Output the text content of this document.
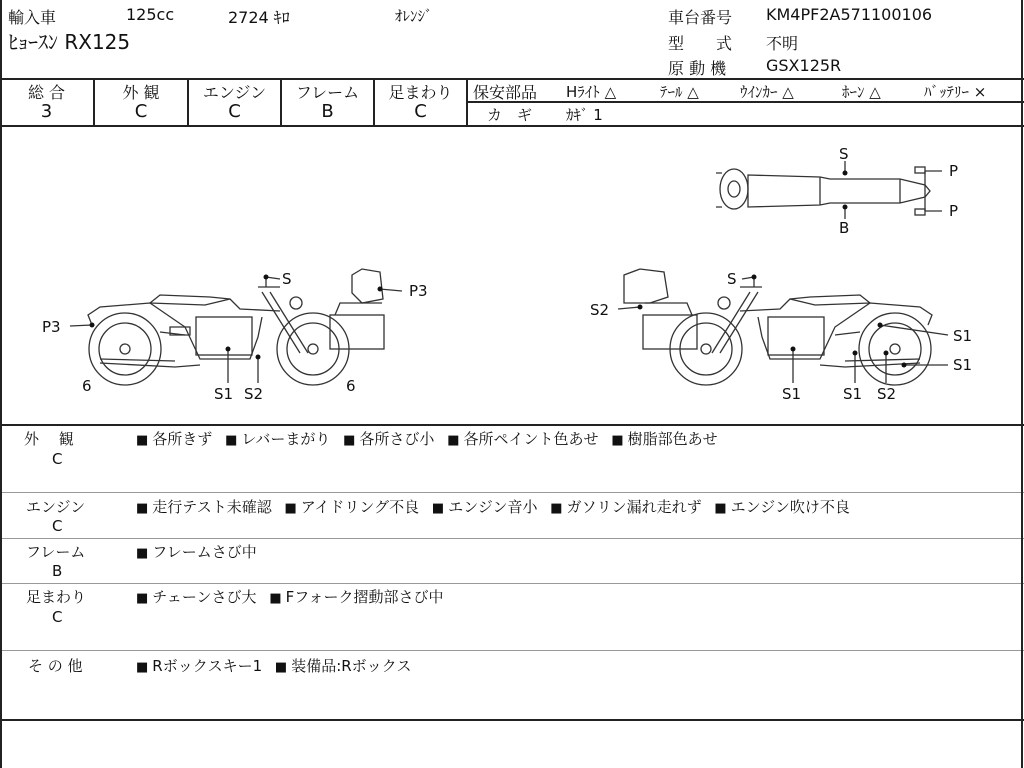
輸入車	125cc	2724 ｷﾛ	ｵﾚﾝｼﾞ
ﾋｮｰｽﾝ RX125
車台番号 KM4PF2A571100106
型　　式 不明
原 動 機 GSX125R
総 合	外 観	エンジン	フレーム	足まわり
3	C	C	B	C
保安部品 Hﾗｲﾄ △	ﾃｰﾙ △	ｳｲﾝｶｰ △	ﾎｰﾝ △	ﾊﾞｯﾃﾘｰ ×
カ　ギ ｶｷﾞ 1
S
P3
P3
6	6
S1 S2
S
S2
S1
S1
S1	S1 S2
S
B
P
P
外　 観
C
■ 各所きず ■ レバーまがり ■ 各所さび小 ■ 各所ペイント色あせ ■ 樹脂部色あせ
エンジン
C
■ 走行テスト未確認 ■ アイドリング不良 ■ エンジン音小 ■ ガソリン漏れ走れず ■ エンジン吹け不良
フレーム
B
■ フレームさび中
足まわり
C
■ チェーンさび大 ■ Fフォーク摺動部さび中
そ の 他	■ Rボックスキー1 ■ 装備品:Rボックス
